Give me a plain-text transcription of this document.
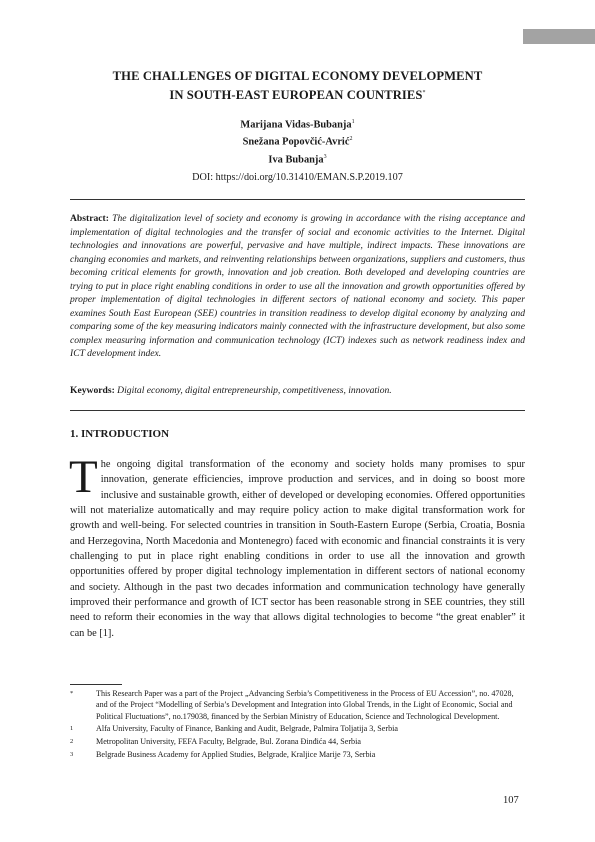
THE CHALLENGES OF DIGITAL ECONOMY DEVELOPMENT
IN SOUTH-EAST EUROPEAN COUNTRIES*
Marijana Vidas-Bubanja$^1$
Snežana Popovčić-Avrić$^2$
Iva Bubanja$^3$
DOI: https://doi.org/10.31410/EMAN.S.P.2019.107
Abstract: The digitalization level of society and economy is growing in accordance with the rising acceptance and implementation of digital technologies and the transfer of social and economic activities to the Internet. Digital technologies and innovations are powerful, pervasive and have multiple, indirect impacts. These innovations are changing economies and markets, and reinventing relationships between organizations, suppliers and customers, thus becoming critical elements for growth, innovation and job creation. Both developed and developing countries are trying to put in place right enabling conditions in order to use all the innovation and growth opportunities offered by proper implementation of digital technologies in different sectors of national economy and society. This paper examines South East European (SEE) countries in transition readiness to develop digital economy by analyzing and comparing some of the key measuring indicators mainly connected with the infrastructure development, but also some complex measuring information and communication technology (ICT) indexes such as network readiness index and ICT development index.
Keywords: Digital economy, digital entrepreneurship, competitiveness, innovation.
1. INTRODUCTION
The ongoing digital transformation of the economy and society holds many promises to spur innovation, generate efficiencies, improve production and services, and in doing so boost more inclusive and sustainable growth, either of developed or developing economies. Offered opportunities will not materialize automatically and may require policy action to make digital transformation work for growth and well-being. For selected countries in transition in South-Eastern Europe (Serbia, Croatia, Bosnia and Herzegovina, North Macedonia and Montenegro) faced with economic and financial constraints it is very challenging to put in place right enabling conditions in order to use all the innovation and growth opportunities offered by proper digital technology implementation in different sectors of national economy and society. Although in the past two decades information and communication technology have generally improved their performance and growth of ICT sector has been reasonable strong in SEE countries, they still need to reform their economies in the way that allows digital technologies to become “the great enabler” it can be [1].
*	This Research Paper was a part of the Project „Advancing Serbia’s Competitiveness in the Process of EU Accession”, no. 47028, and of the Project “Modelling of Serbia’s Development and Integration into Global Trends, in the Light of Economic, Social and Political Fluctuations”, no.179038, financed by the Serbian Ministry of Education, Science and Technological Development.
1	Alfa University, Faculty of Finance, Banking and Audit, Belgrade, Palmira Toljatija 3, Serbia
2	Metropolitan University, FEFA Faculty, Belgrade, Bul. Zorana Đinđića 44, Serbia
3	Belgrade Business Academy for Applied Studies, Belgrade, Kraljice Marije 73, Serbia
107
